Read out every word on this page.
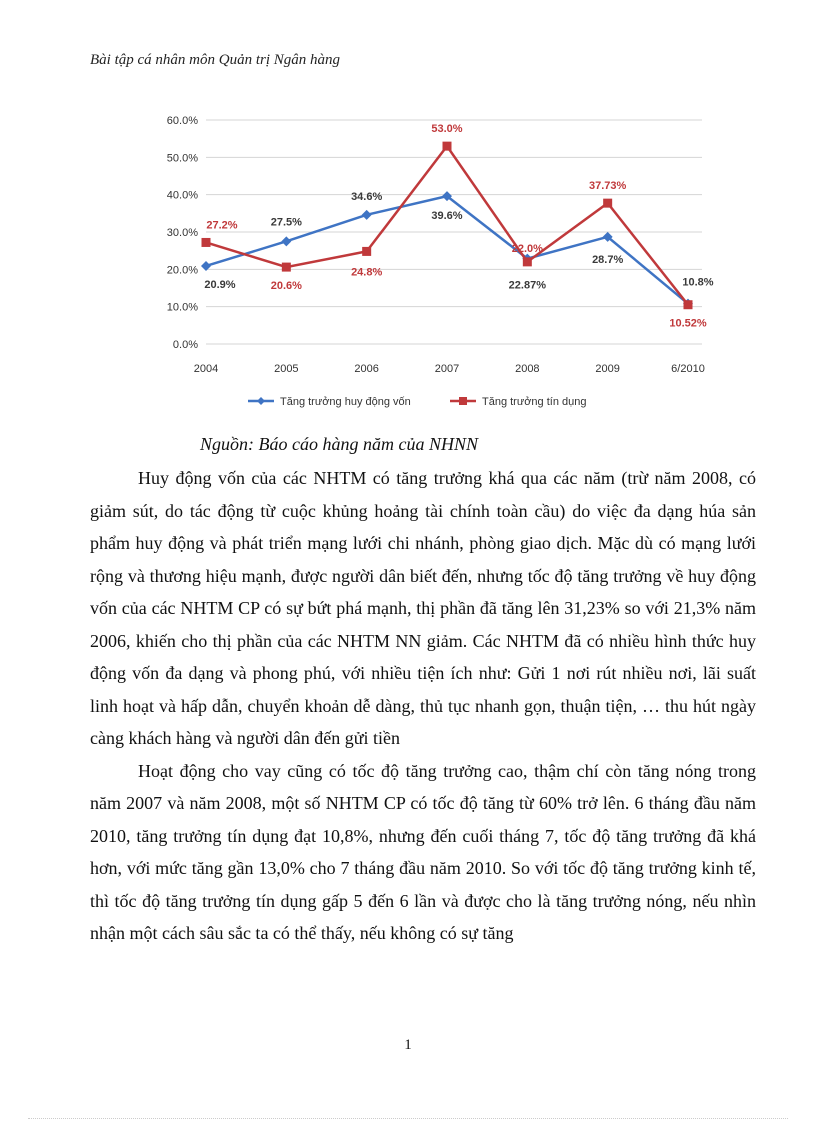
Bài tập cá nhân môn Quản trị Ngân hàng
0.0%
10.0%
20.0%
30.0%
40.0%
50.0%
60.0%
2004	2005	2006	2007	2008	2009	6/2010
20.9%
27.5%
34.6%
39.6%
22.87%
28.7%
10.8%
27.2%
20.6%
24.8%
53.0%
22.0%
37.73%
10.52%
Tăng trưởng huy động vốn	Tăng trưởng tín dụng
Nguồn: Báo cáo hàng năm của NHNN

Huy động vốn của các NHTM có tăng trưởng khá qua các năm (trừ năm 2008, có giảm sút, do tác động từ cuộc khủng hoảng tài chính toàn cầu) do việc đa dạng húa sản phẩm huy động và phát triển mạng lưới chi nhánh, phòng giao dịch. Mặc dù có mạng lưới rộng và thương hiệu mạnh, được người dân biết đến, nhưng tốc độ tăng trưởng về huy động vốn của các NHTM CP có sự bứt phá mạnh, thị phần đã tăng lên 31,23% so với 21,3% năm 2006, khiến cho thị phần của các NHTM NN giảm. Các NHTM đã có nhiều hình thức huy động vốn đa dạng và phong phú, với nhiều tiện ích như: Gửi 1 nơi rút nhiều nơi, lãi suất linh hoạt và hấp dẫn, chuyển khoản dễ dàng, thủ tục nhanh gọn, thuận tiện, … thu hút ngày càng khách hàng và người dân đến gửi tiền

Hoạt động cho vay cũng có tốc độ tăng trưởng cao, thậm chí còn tăng nóng trong năm 2007 và năm 2008, một số NHTM CP có tốc độ tăng từ 60% trở lên. 6 tháng đầu năm 2010, tăng trưởng tín dụng đạt 10,8%, nhưng đến cuối tháng 7, tốc độ tăng trưởng đã khá hơn, với mức tăng gần 13,0% cho 7 tháng đầu năm 2010. So với tốc độ tăng trưởng kinh tế, thì tốc độ tăng trưởng tín dụng gấp 5 đến 6 lần và được cho là tăng trưởng nóng, nếu nhìn nhận một cách sâu sắc ta có thể thấy, nếu không có sự tăng

1
